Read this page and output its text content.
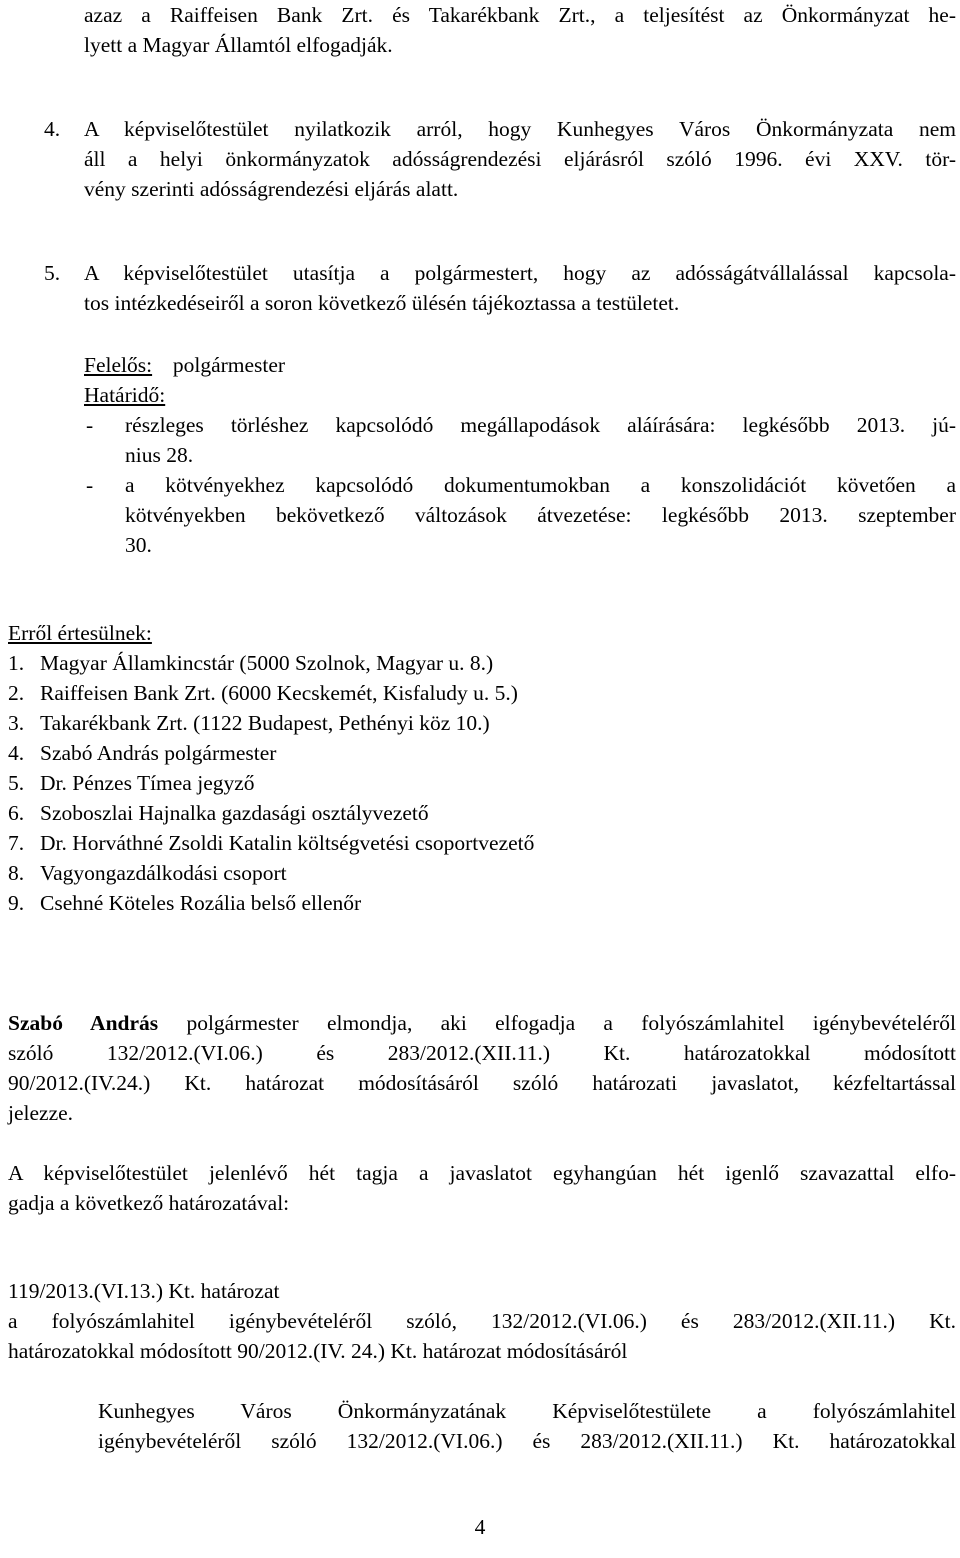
azaz a Raiffeisen Bank Zrt. és Takarékbank Zrt., a teljesítést az Önkormányzat he-
lyett a Magyar Államtól elfogadják.
4. A képviselőtestület nyilatkozik arról, hogy Kunhegyes Város Önkormányzata nem
áll a helyi önkormányzatok adósságrendezési eljárásról szóló 1996. évi XXV. tör-
vény szerinti adósságrendezési eljárás alatt.
5. A képviselőtestület utasítja a polgármestert, hogy az adósságátvállalással kapcsola-
tos intézkedéseiről a soron következő ülésén tájékoztassa a testületet.
Felelős: polgármester
Határidő:
- részleges törléshez kapcsolódó megállapodások aláírására: legkésőbb 2013. jú-
nius 28.
- a kötvényekhez kapcsolódó dokumentumokban a konszolidációt követően a
kötvényekben bekövetkező változások átvezetése: legkésőbb 2013. szeptember
30.
Erről értesülnek:
1. Magyar Államkincstár (5000 Szolnok, Magyar u. 8.)
2. Raiffeisen Bank Zrt. (6000 Kecskemét, Kisfaludy u. 5.)
3. Takarékbank Zrt. (1122 Budapest, Pethényi köz 10.)
4. Szabó András polgármester
5. Dr. Pénzes Tímea jegyző
6. Szoboszlai Hajnalka gazdasági osztályvezető
7. Dr. Horváthné Zsoldi Katalin költségvetési csoportvezető
8. Vagyongazdálkodási csoport
9. Csehné Köteles Rozália belső ellenőr
Szabó András polgármester elmondja, aki elfogadja a folyószámlahitel igénybevételéről
szóló 132/2012.(VI.06.) és 283/2012.(XII.11.) Kt. határozatokkal módosított
90/2012.(IV.24.) Kt. határozat módosításáról szóló határozati javaslatot, kézfeltartással
jelezze.
A képviselőtestület jelenlévő hét tagja a javaslatot egyhangúan hét igenlő szavazattal elfo-
gadja a következő határozatával:
119/2013.(VI.13.) Kt. határozat
a folyószámlahitel igénybevételéről szóló, 132/2012.(VI.06.) és 283/2012.(XII.11.) Kt.
határozatokkal módosított 90/2012.(IV. 24.) Kt. határozat módosításáról
Kunhegyes Város Önkormányzatának Képviselőtestülete a folyószámlahitel
igénybevételéről szóló 132/2012.(VI.06.) és 283/2012.(XII.11.) Kt. határozatokkal
4
